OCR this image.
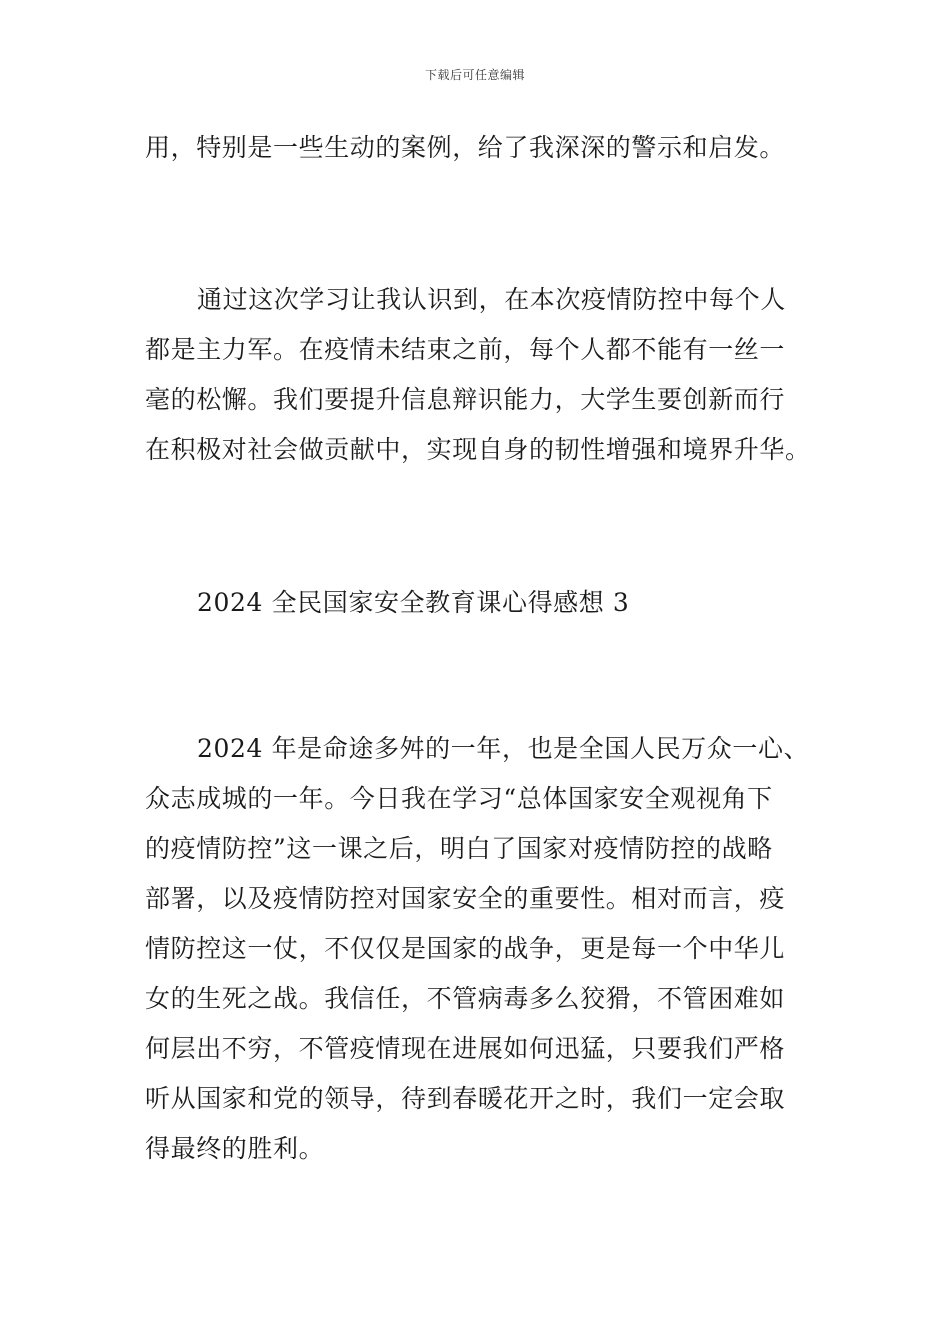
下载后可任意编辑
用，特别是一些生动的案例，给了我深深的警示和启发。
通过这次学习让我认识到，在本次疫情防控中每个人
都是主力军。在疫情未结束之前，每个人都不能有一丝一
毫的松懈。我们要提升信息辩识能力，大学生要创新而行
在积极对社会做贡献中，实现自身的韧性增强和境界升华。
2024 全民国家安全教育课心得感想 3
2024 年是命途多舛的一年，也是全国人民万众一心、
众志成城的一年。今日我在学习“总体国家安全观视角下
的疫情防控”这一课之后，明白了国家对疫情防控的战略
部署，以及疫情防控对国家安全的重要性。相对而言，疫
情防控这一仗，不仅仅是国家的战争，更是每一个中华儿
女的生死之战。我信任，不管病毒多么狡猾，不管困难如
何层出不穷，不管疫情现在进展如何迅猛，只要我们严格
听从国家和党的领导，待到春暖花开之时，我们一定会取
得最终的胜利。
